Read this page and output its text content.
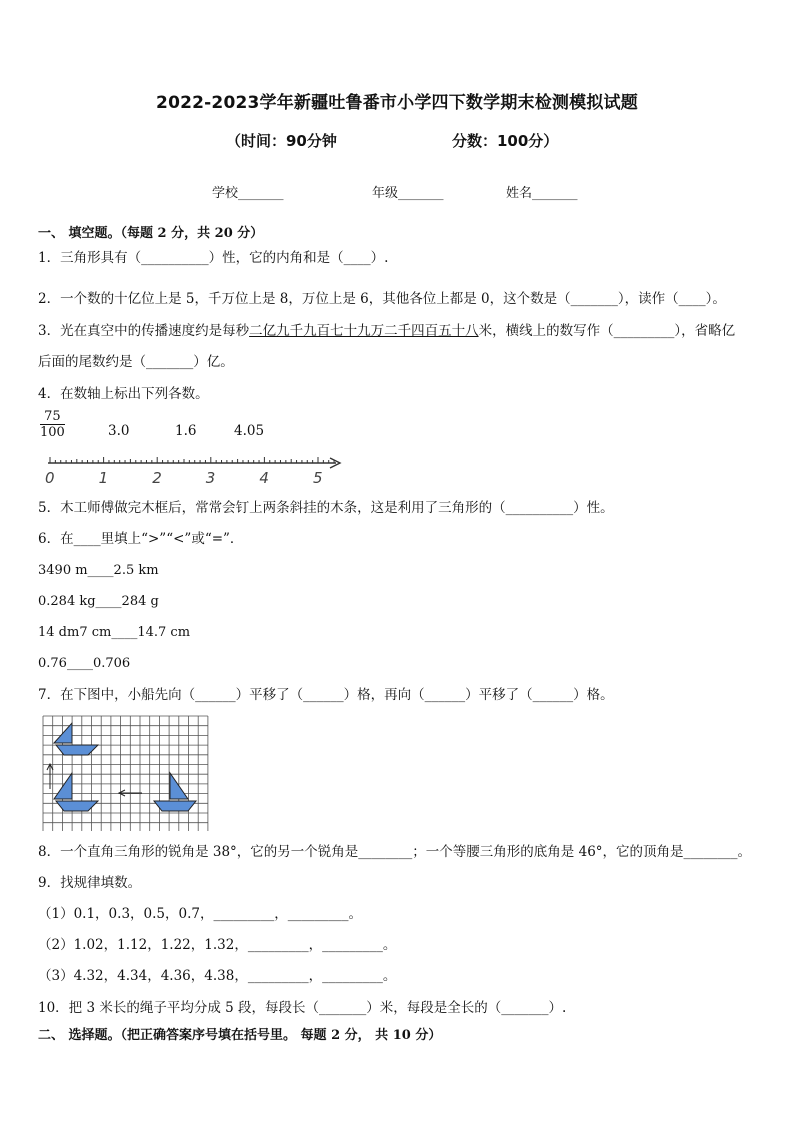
2022-2023学年新疆吐鲁番市小学四下数学期末检测模拟试题
（时间：90分钟	分数：100分）
学校_______	年级_______	姓名_______
一、 填空题。（每题 2 分，共 20 分）
1．三角形具有（__________）性，它的内角和是（____）.
2．一个数的十亿位上是 5，千万位上是 8，万位上是 6，其他各位上都是 0，这个数是（_______），读作（____）。
3．光在真空中的传播速度约是每秒二亿九千九百七十九万二千四百五十八米，横线上的数写作（_________），省略亿
后面的尾数约是（_______）亿。
4．在数轴上标出下列各数。
$\frac{75}{100}$	3.0	1.6	4.05
0	1	2	3	4	5
5．木工师傅做完木框后，常常会钉上两条斜挂的木条，这是利用了三角形的（__________）性。
6．在____里填上“>”“<”或“=”．
3490 m____2.5 km
0.284 kg____284 g
14 dm7 cm____14.7 cm
0.76____0.706
7．在下图中，小船先向（______）平移了（______）格，再向（______）平移了（______）格。
8．一个直角三角形的锐角是 38°，它的另一个锐角是________；一个等腰三角形的底角是 46°，它的顶角是________。
9．找规律填数。
（1）0.1，0.3，0.5，0.7，_________，_________。
（2）1.02，1.12，1.22，1.32，_________，_________。
（3）4.32，4.34，4.36，4.38，_________，_________。
10．把 3 米长的绳子平均分成 5 段，每段长（_______）米，每段是全长的（_______）.
二、 选择题。（把正确答案序号填在括号里。 每题 2 分， 共 10 分）
